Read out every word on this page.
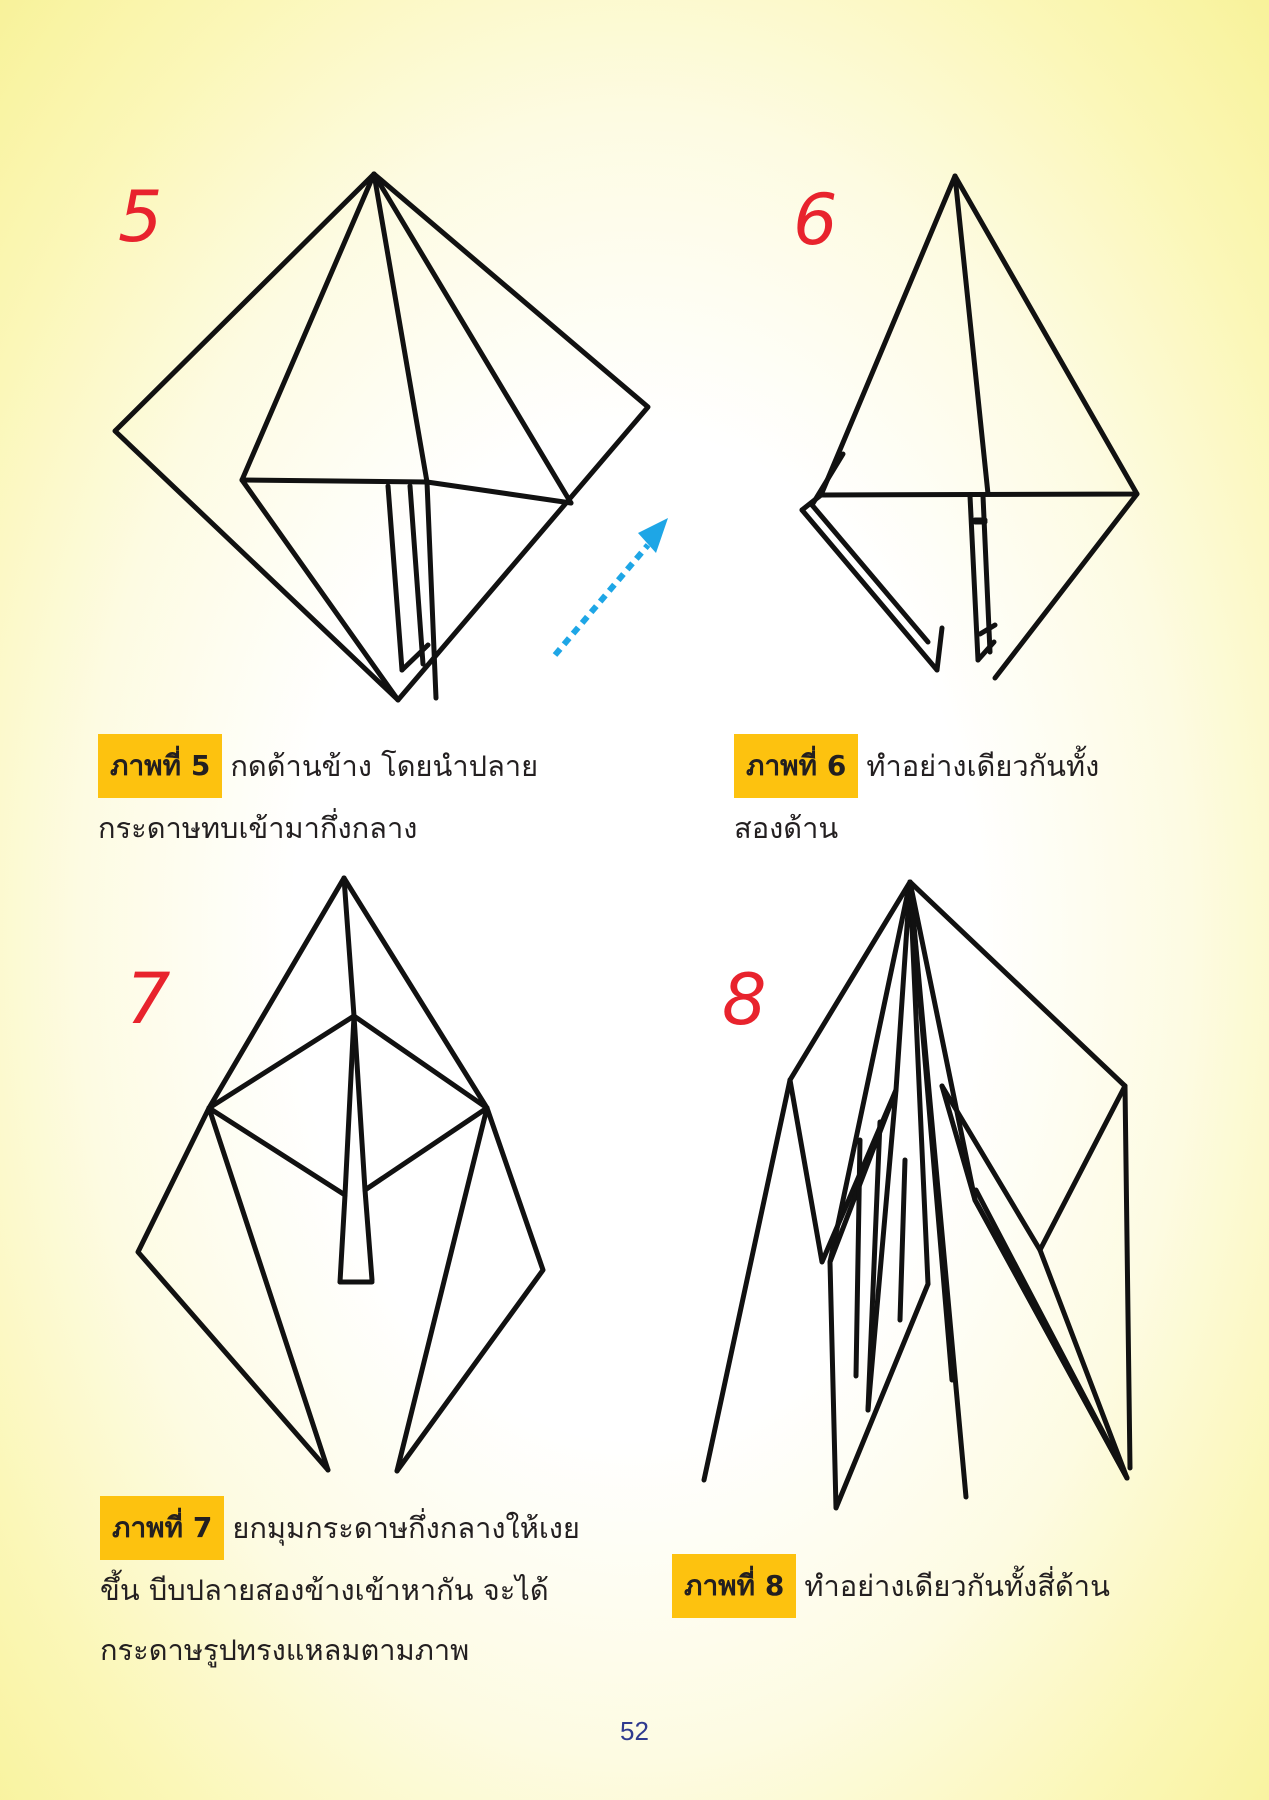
5
ภาพที่ 5 กดด้านข้าง โดยนำปลาย
กระดาษทบเข้ามากึ่งกลาง
6
ภาพที่ 6 ทำอย่างเดียวกันทั้ง
สองด้าน
7
ภาพที่ 7 ยกมุมกระดาษกึ่งกลางให้เงย
ขึ้น บีบปลายสองข้างเข้าหากัน จะได้
กระดาษรูปทรงแหลมตามภาพ
8
ภาพที่ 8 ทำอย่างเดียวกันทั้งสี่ด้าน
52
